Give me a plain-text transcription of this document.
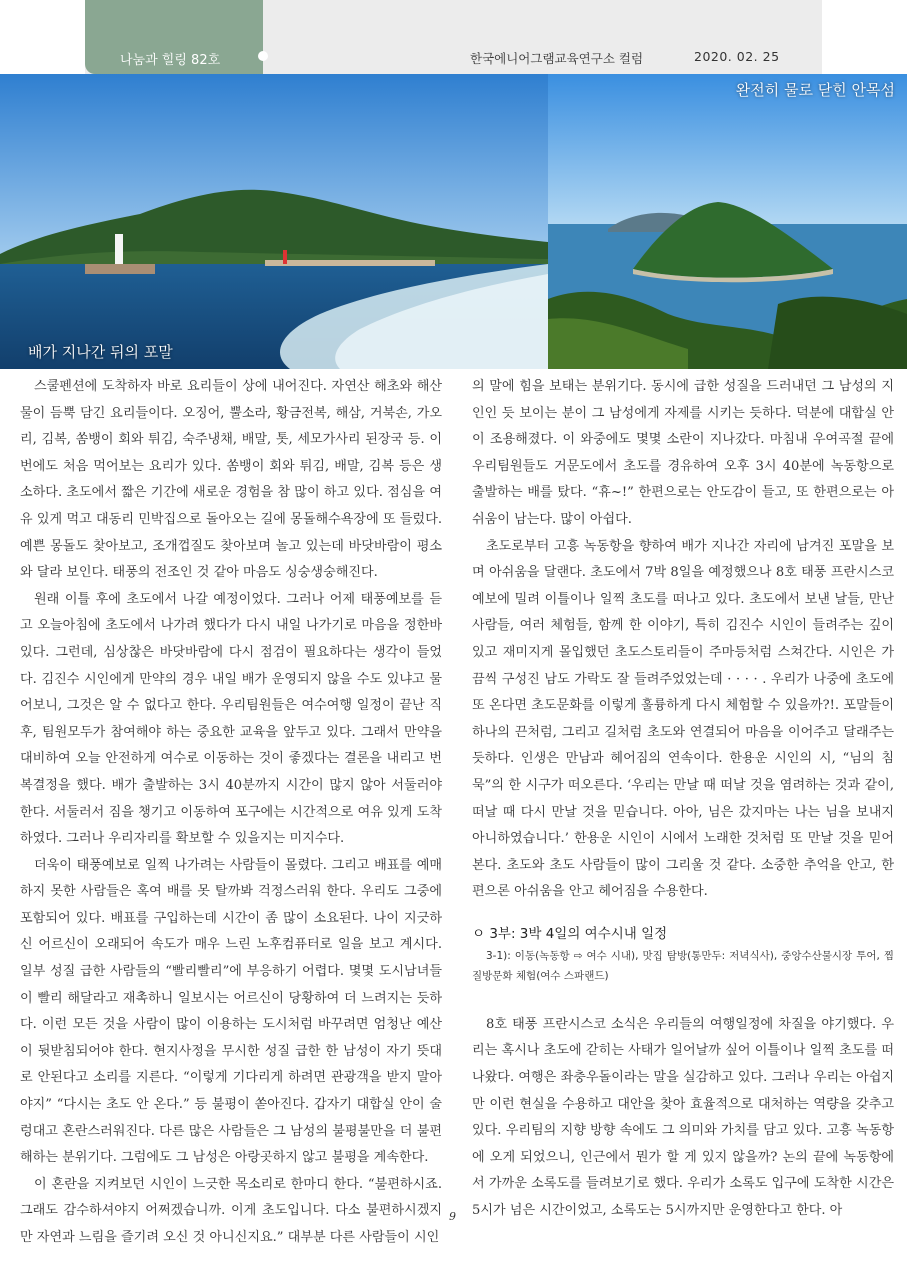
나눔과 힐링 82호	한국에니어그램교육연구소 컬럼	2020. 02. 25
배가 지나간 뒤의 포말
완전히 물로 닫힌 안목섬

스쿨펜션에 도착하자 바로 요리들이 상에 내어진다. 자연산 해초와 해산물이 듬뿍 담긴 요리들이다. 오징어, 뿔소라, 황금전복, 해삼, 거북손, 가오리, 김복, 쏨뱅이 회와 튀김, 숙주냉채, 배말, 톳, 세모가사리 된장국 등. 이번에도 처음 먹어보는 요리가 있다. 쏨뱅이 회와 튀김, 배말, 김복 등은 생소하다. 초도에서 짧은 기간에 새로운 경험을 참 많이 하고 있다. 점심을 여유 있게 먹고 대동리 민박집으로 돌아오는 길에 몽돌해수욕장에 또 들렀다. 예쁜 몽돌도 찾아보고, 조개껍질도 찾아보며 놀고 있는데 바닷바람이 평소와 달라 보인다. 태풍의 전조인 것 같아 마음도 싱숭생숭해진다.

원래 이틀 후에 초도에서 나갈 예정이었다. 그러나 어제 태풍예보를 듣고 오늘아침에 초도에서 나가려 했다가 다시 내일 나가기로 마음을 정한바 있다. 그런데, 심상찮은 바닷바람에 다시 점검이 필요하다는 생각이 들었다. 김진수 시인에게 만약의 경우 내일 배가 운영되지 않을 수도 있냐고 물어보니, 그것은 알 수 없다고 한다. 우리팀원들은 여수여행 일정이 끝난 직후, 팀원모두가 참여해야 하는 중요한 교육을 앞두고 있다. 그래서 만약을 대비하여 오늘 안전하게 여수로 이동하는 것이 좋겠다는 결론을 내리고 번복결정을 했다. 배가 출발하는 3시 40분까지 시간이 많지 않아 서둘러야 한다. 서둘러서 짐을 챙기고 이동하여 포구에는 시간적으로 여유 있게 도착하였다. 그러나 우리자리를 확보할 수 있을지는 미지수다.

더욱이 태풍예보로 일찍 나가려는 사람들이 몰렸다. 그리고 배표를 예매하지 못한 사람들은 혹여 배를 못 탈까봐 걱정스러워 한다. 우리도 그중에 포함되어 있다. 배표를 구입하는데 시간이 좀 많이 소요된다. 나이 지긋하신 어르신이 오래되어 속도가 매우 느린 노후컴퓨터로 일을 보고 계시다. 일부 성질 급한 사람들의 “빨리빨리”에 부응하기 어렵다. 몇몇 도시남녀들이 빨리 해달라고 재촉하니 일보시는 어르신이 당황하여 더 느려지는 듯하다. 이런 모든 것을 사람이 많이 이용하는 도시처럼 바꾸려면 엄청난 예산이 뒷받침되어야 한다. 현지사정을 무시한 성질 급한 한 남성이 자기 뜻대로 안된다고 소리를 지른다. “이렇게 기다리게 하려면 관광객을 받지 말아야지” “다시는 초도 안 온다.” 등 불평이 쏟아진다. 갑자기 대합실 안이 술렁대고 혼란스러워진다. 다른 많은 사람들은 그 남성의 불평불만을 더 불편해하는 분위기다. 그럼에도 그 남성은 아랑곳하지 않고 불평을 계속한다.

이 혼란을 지켜보던 시인이 느긋한 목소리로 한마디 한다. “불편하시죠. 그래도 감수하셔야지 어쩌겠습니까. 이게 초도입니다. 다소 불편하시겠지만 자연과 느림을 즐기려 오신 것 아니신지요.” 대부분 다른 사람들이 시인

의 말에 힘을 보태는 분위기다. 동시에 급한 성질을 드러내던 그 남성의 지인인 듯 보이는 분이 그 남성에게 자제를 시키는 듯하다. 덕분에 대합실 안이 조용해졌다. 이 와중에도 몇몇 소란이 지나갔다. 마침내 우여곡절 끝에 우리팀원들도 거문도에서 초도를 경유하여 오후 3시 40분에 녹동항으로 출발하는 배를 탔다. “휴~!” 한편으로는 안도감이 들고, 또 한편으로는 아쉬움이 남는다. 많이 아쉽다.

초도로부터 고흥 녹동항을 향하여 배가 지나간 자리에 남겨진 포말을 보며 아쉬움을 달랜다. 초도에서 7박 8일을 예정했으나 8호 태풍 프란시스코 예보에 밀려 이틀이나 일찍 초도를 떠나고 있다. 초도에서 보낸 날들, 만난 사람들, 여러 체험들, 함께 한 이야기, 특히 김진수 시인이 들려주는 깊이 있고 재미지게 몰입했던 초도스토리들이 주마등처럼 스쳐간다. 시인은 가끔씩 구성진 남도 가락도 잘 들려주었었는데 · · · · . 우리가 나중에 초도에 또 온다면 초도문화를 이렇게 훌륭하게 다시 체험할 수 있을까?!. 포말들이 하나의 끈처럼, 그리고 길처럼 초도와 연결되어 마음을 이어주고 달래주는 듯하다. 인생은 만남과 헤어짐의 연속이다. 한용운 시인의 시, “님의 침묵”의 한 시구가 떠오른다. ‘우리는 만날 때 떠날 것을 염려하는 것과 같이, 떠날 때 다시 만날 것을 믿습니다. 아아, 님은 갔지마는 나는 님을 보내지 아니하였습니다.’ 한용운 시인이 시에서 노래한 것처럼 또 만날 것을 믿어본다. 초도와 초도 사람들이 많이 그리울 것 같다. 소중한 추억을 안고, 한편으론 아쉬움을 안고 헤어짐을 수용한다.

ㅇ 3부: 3박 4일의 여수시내 일정

3-1): 이동(녹동항 ⇨ 여수 시내), 맛집 탐방(통만두: 저녁식사), 중앙수산물시장 투어, 찜질방문화 체험(여수 스파랜드)

8호 태풍 프란시스코 소식은 우리들의 여행일정에 차질을 야기했다. 우리는 혹시나 초도에 갇히는 사태가 일어날까 싶어 이틀이나 일찍 초도를 떠나왔다. 여행은 좌충우돌이라는 말을 실감하고 있다. 그러나 우리는 아쉽지만 이런 현실을 수용하고 대안을 찾아 효율적으로 대처하는 역량을 갖추고 있다. 우리팀의 지향 방향 속에도 그 의미와 가치를 담고 있다. 고흥 녹동항에 오게 되었으니, 인근에서 뭔가 할 게 있지 않을까? 논의 끝에 녹동항에서 가까운 소록도를 들려보기로 했다. 우리가 소록도 입구에 도착한 시간은 5시가 넘은 시간이었고, 소록도는 5시까지만 운영한다고 한다. 아

9
